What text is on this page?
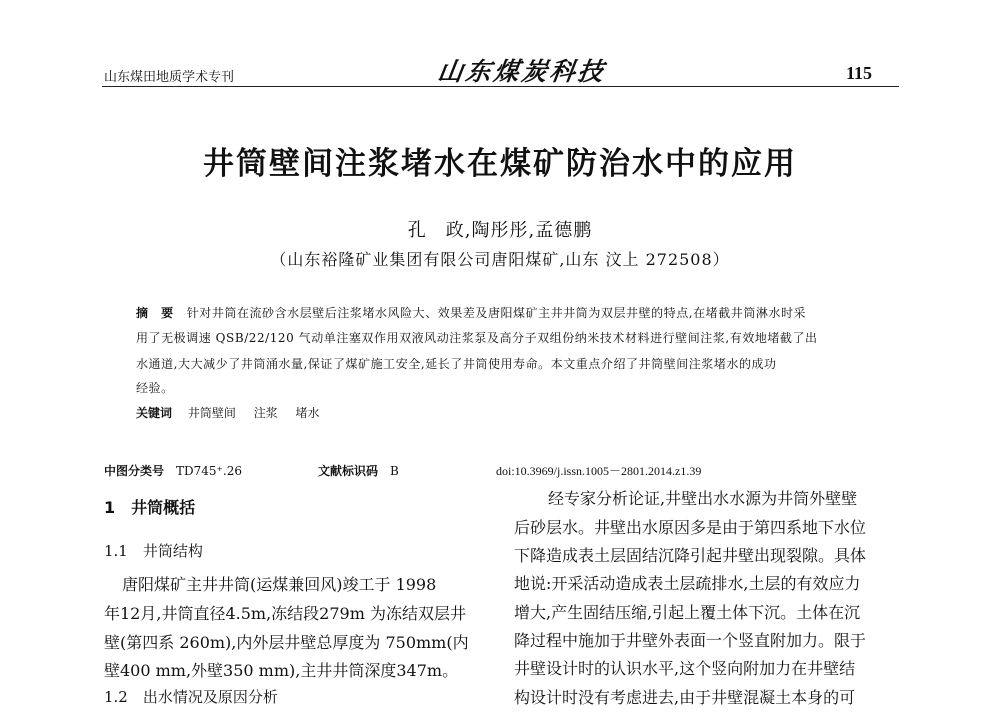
山东煤田地质学术专刊	山东煤炭科技	115
井筒壁间注浆堵水在煤矿防治水中的应用
孔　政,陶彤彤,孟德鹏
（山东裕隆矿业集团有限公司唐阳煤矿,山东 汶上 272508）
摘　要 针对井筒在流砂含水层壁后注浆堵水风险大、效果差及唐阳煤矿主井井筒为双层井壁的特点,在堵截井筒淋水时采
用了无极调速 QSB/22/120 气动单注塞双作用双液风动注浆泵及高分子双组份纳米技术材料进行壁间注浆,有效地堵截了出
水通道,大大减少了井筒涌水量,保证了煤矿施工安全,延长了井筒使用寿命。本文重点介绍了井筒壁间注浆堵水的成功
经验。
关键词 井筒壁间 注浆 堵水
中图分类号 TD745⁺.26	文献标识码 B	doi:10.3969/j.issn.1005－2801.2014.z1.39
1　井筒概括
1.1　井筒结构
唐阳煤矿主井井筒(运煤兼回风)竣工于 1998
年12月,井筒直径4.5m,冻结段279m 为冻结双层井
壁(第四系 260m),内外层井壁总厚度为 750mm(内
壁400 mm,外壁350 mm),主井井筒深度347m。
1.2　出水情况及原因分析
经专家分析论证,井壁出水水源为井筒外壁壁
后砂层水。井壁出水原因多是由于第四系地下水位
下降造成表土层固结沉降引起井壁出现裂隙。具体
地说:开采活动造成表土层疏排水,土层的有效应力
增大,产生固结压缩,引起上覆土体下沉。土体在沉
降过程中施加于井壁外表面一个竖直附加力。限于
井壁设计时的认识水平,这个竖向附加力在井壁结
构设计时没有考虑进去,由于井壁混凝土本身的可
